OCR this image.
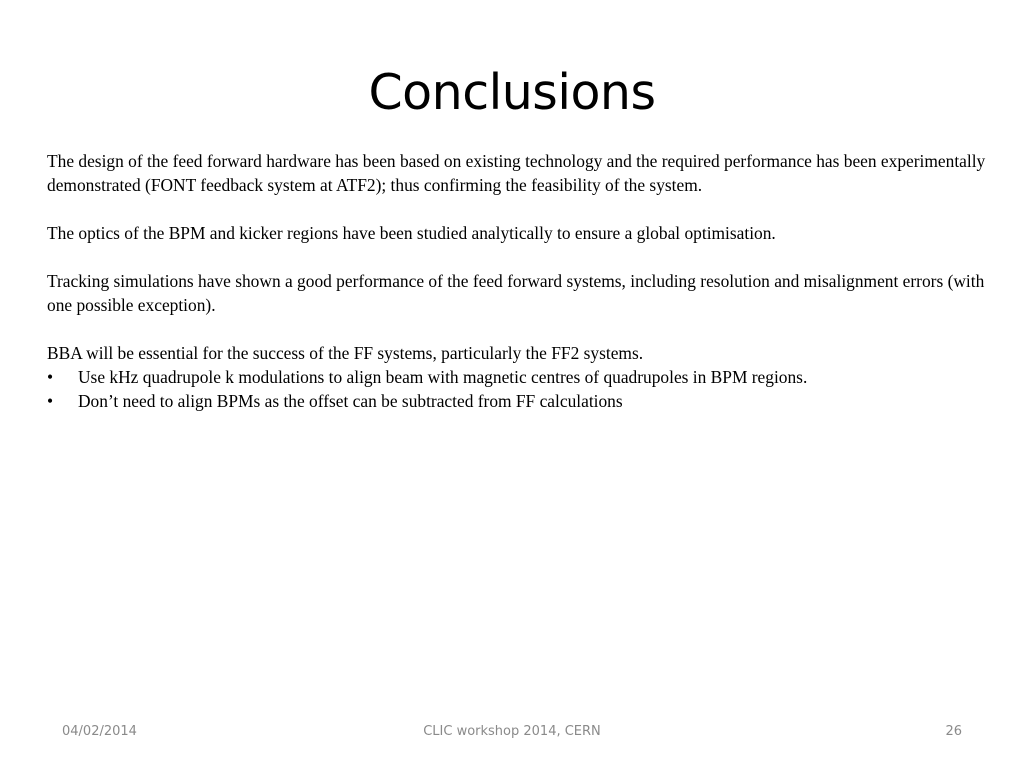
Conclusions

The design of the feed forward hardware has been based on existing technology and the required performance has been experimentally demonstrated (FONT feedback system at ATF2); thus confirming the feasibility of the system.

The optics of the BPM and kicker regions have been studied analytically to ensure a global optimisation.

Tracking simulations have shown a good performance of the feed forward systems, including resolution and misalignment errors (with one possible exception).

BBA will be essential for the success of the FF systems, particularly the FF2 systems.

•	Use kHz quadrupole k modulations to align beam with magnetic centres of quadrupoles in BPM regions.
•	Don’t need to align BPMs as the offset can be subtracted from FF calculations
04/02/2014	CLIC workshop 2014, CERN	26
